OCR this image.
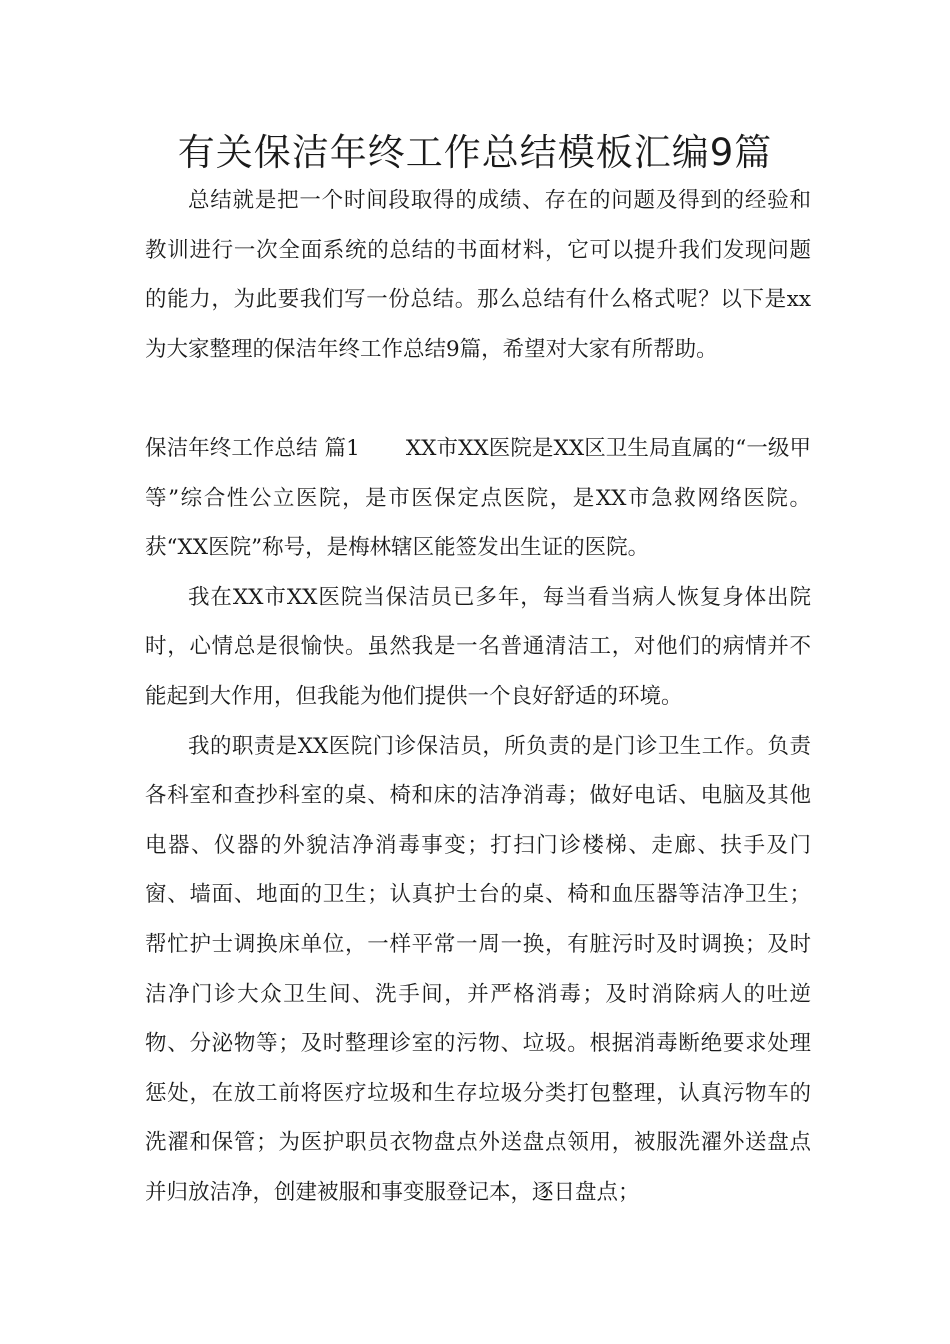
有关保洁年终工作总结模板汇编9篇

总结就是把一个时间段取得的成绩、存在的问题及得到的经验和教训进行一次全面系统的总结的书面材料，它可以提升我们发现问题的能力，为此要我们写一份总结。那么总结有什么格式呢？以下是xx为大家整理的保洁年终工作总结9篇，希望对大家有所帮助。

保洁年终工作总结 篇1 XX市XX医院是XX区卫生局直属的“一级甲等”综合性公立医院，是市医保定点医院，是XX市急救网络医院。获“XX医院”称号，是梅林辖区能签发出生证的医院。

我在XX市XX医院当保洁员已多年，每当看当病人恢复身体出院时，心情总是很愉快。虽然我是一名普通清洁工，对他们的病情并不能起到大作用，但我能为他们提供一个良好舒适的环境。

我的职责是XX医院门诊保洁员，所负责的是门诊卫生工作。负责各科室和查抄科室的桌、椅和床的洁净消毒；做好电话、电脑及其他电器、仪器的外貌洁净消毒事变；打扫门诊楼梯、走廊、扶手及门窗、墙面、地面的卫生；认真护士台的桌、椅和血压器等洁净卫生；帮忙护士调换床单位，一样平常一周一换，有脏污时及时调换；及时洁净门诊大众卫生间、洗手间，并严格消毒；及时消除病人的吐逆物、分泌物等；及时整理诊室的污物、垃圾。根据消毒断绝要求处理惩处，在放工前将医疗垃圾和生存垃圾分类打包整理，认真污物车的洗濯和保管；为医护职员衣物盘点外送盘点领用，被服洗濯外送盘点并归放洁净，创建被服和事变服登记本，逐日盘点；
